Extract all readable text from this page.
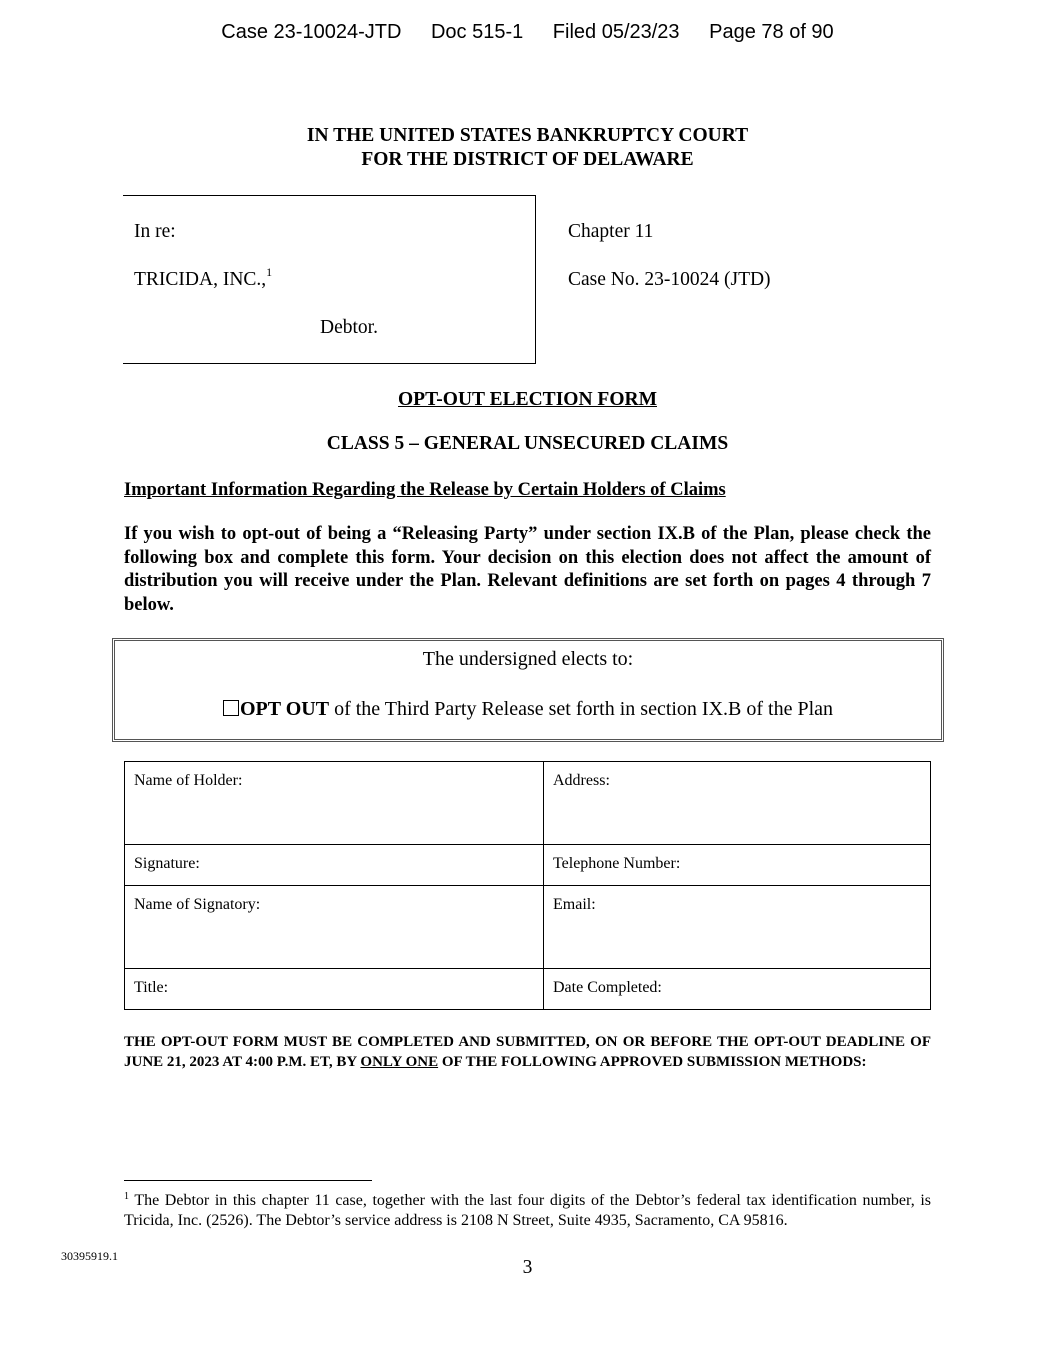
Case 23-10024-JTD Doc 515-1 Filed 05/23/23 Page 78 of 90
IN THE UNITED STATES BANKRUPTCY COURT
FOR THE DISTRICT OF DELAWARE
In re:
TRICIDA, INC.,$^1$
Debtor.
Chapter 11
Case No. 23-10024 (JTD)
OPT-OUT ELECTION FORM
CLASS 5 – GENERAL UNSECURED CLAIMS
Important Information Regarding the Release by Certain Holders of Claims
If you wish to opt-out of being a “Releasing Party” under section IX.B of the Plan, please check the following box and complete this form. Your decision on this election does not affect the amount of distribution you will receive under the Plan. Relevant definitions are set forth on pages 4 through 7 below.
The undersigned elects to:
OPT OUT of the Third Party Release set forth in section IX.B of the Plan
Name of Holder:	Address:
Signature:	Telephone Number:
Name of Signatory:	Email:
Title:	Date Completed:
THE OPT-OUT FORM MUST BE COMPLETED AND SUBMITTED, ON OR BEFORE THE OPT-OUT DEADLINE OF JUNE 21, 2023 AT 4:00 P.M. ET, BY ONLY ONE OF THE FOLLOWING APPROVED SUBMISSION METHODS:
$^1$ The Debtor in this chapter 11 case, together with the last four digits of the Debtor’s federal tax identification number, is Tricida, Inc. (2526). The Debtor’s service address is 2108 N Street, Suite 4935, Sacramento, CA 95816.
30395919.1
3
